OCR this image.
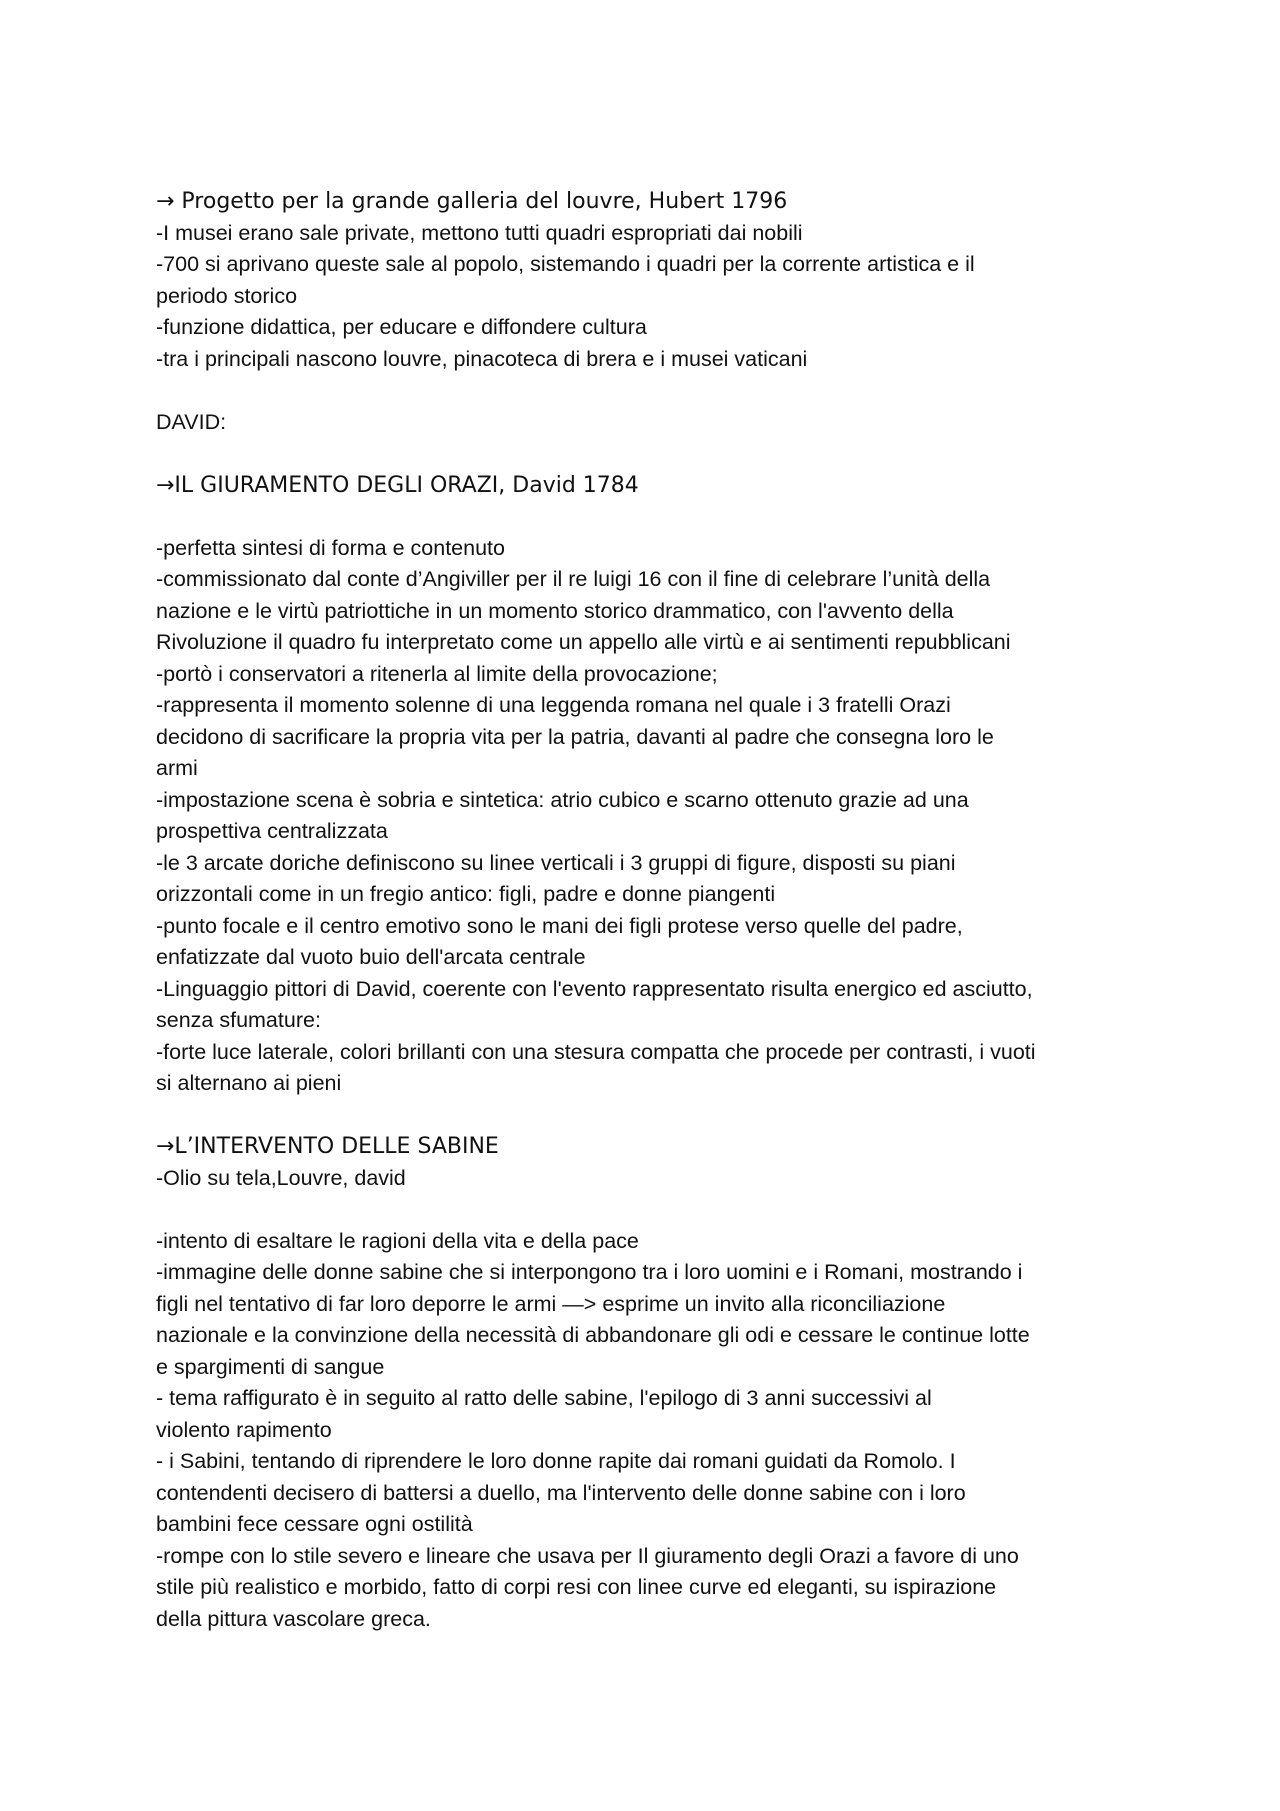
→ Progetto per la grande galleria del louvre, Hubert 1796
-I musei erano sale private, mettono tutti quadri espropriati dai nobili
-700 si aprivano queste sale al popolo, sistemando i quadri per la corrente artistica e il
periodo storico
-funzione didattica, per educare e diffondere cultura
-tra i principali nascono louvre, pinacoteca di brera e i musei vaticani
DAVID:
→IL GIURAMENTO DEGLI ORAZI, David 1784
-perfetta sintesi di forma e contenuto
-commissionato dal conte d’Angiviller per il re luigi 16 con il fine di celebrare l’unità della
nazione e le virtù patriottiche in un momento storico drammatico, con l'avvento della
Rivoluzione il quadro fu interpretato come un appello alle virtù e ai sentimenti repubblicani
-portò i conservatori a ritenerla al limite della provocazione;
-rappresenta il momento solenne di una leggenda romana nel quale i 3 fratelli Orazi
decidono di sacrificare la propria vita per la patria, davanti al padre che consegna loro le
armi
-impostazione scena è sobria e sintetica: atrio cubico e scarno ottenuto grazie ad una
prospettiva centralizzata
-le 3 arcate doriche definiscono su linee verticali i 3 gruppi di figure, disposti su piani
orizzontali come in un fregio antico: figli, padre e donne piangenti
-punto focale e il centro emotivo sono le mani dei figli protese verso quelle del padre,
enfatizzate dal vuoto buio dell'arcata centrale
-Linguaggio pittori di David, coerente con l'evento rappresentato risulta energico ed asciutto,
senza sfumature:
-forte luce laterale, colori brillanti con una stesura compatta che procede per contrasti, i vuoti
si alternano ai pieni
→L’INTERVENTO DELLE SABINE
-Olio su tela,Louvre, david
-intento di esaltare le ragioni della vita e della pace
-immagine delle donne sabine che si interpongono tra i loro uomini e i Romani, mostrando i
figli nel tentativo di far loro deporre le armi —> esprime un invito alla riconciliazione
nazionale e la convinzione della necessità di abbandonare gli odi e cessare le continue lotte
e spargimenti di sangue
- tema raffigurato è in seguito al ratto delle sabine, l'epilogo di 3 anni successivi al
violento rapimento
- i Sabini, tentando di riprendere le loro donne rapite dai romani guidati da Romolo. I
contendenti decisero di battersi a duello, ma l'intervento delle donne sabine con i loro
bambini fece cessare ogni ostilità
-rompe con lo stile severo e lineare che usava per Il giuramento degli Orazi a favore di uno
stile più realistico e morbido, fatto di corpi resi con linee curve ed eleganti, su ispirazione
della pittura vascolare greca.
